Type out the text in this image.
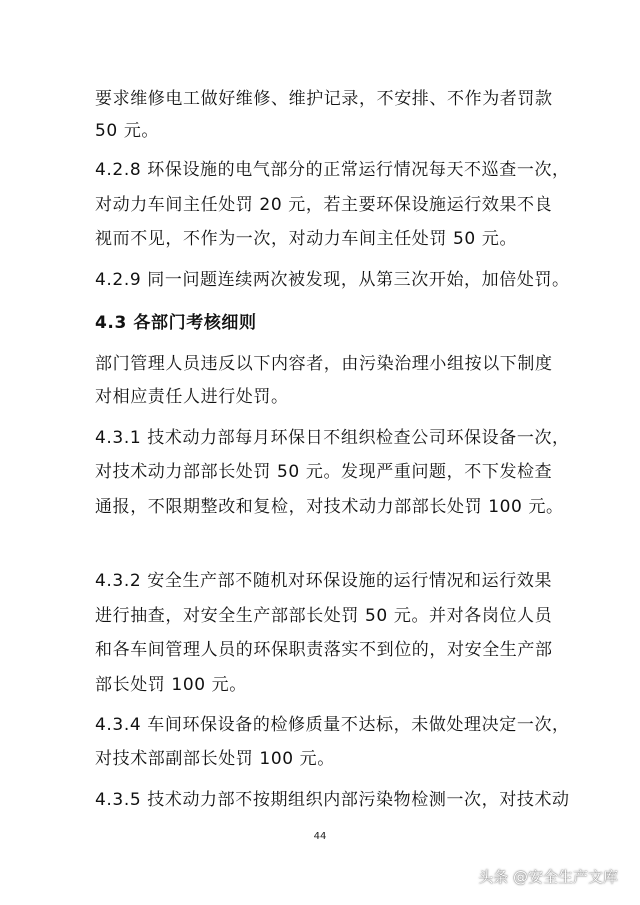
要求维修电工做好维修、维护记录，不安排、不作为者罚款
50 元。
4.2.8 环保设施的电气部分的正常运行情况每天不巡查一次，
对动力车间主任处罚 20 元，若主要环保设施运行效果不良
视而不见，不作为一次，对动力车间主任处罚 50 元。
4.2.9 同一问题连续两次被发现，从第三次开始，加倍处罚。
4.3 各部门考核细则
部门管理人员违反以下内容者，由污染治理小组按以下制度
对相应责任人进行处罚。
4.3.1 技术动力部每月环保日不组织检查公司环保设备一次，
对技术动力部部长处罚 50 元。发现严重问题，不下发检查
通报，不限期整改和复检，对技术动力部部长处罚 100 元。
4.3.2 安全生产部不随机对环保设施的运行情况和运行效果
进行抽查，对安全生产部部长处罚 50 元。并对各岗位人员
和各车间管理人员的环保职责落实不到位的，对安全生产部
部长处罚 100 元。
4.3.4 车间环保设备的检修质量不达标，未做处理决定一次，
对技术部副部长处罚 100 元。
4.3.5 技术动力部不按期组织内部污染物检测一次，对技术动
44
头条 @安全生产文库
